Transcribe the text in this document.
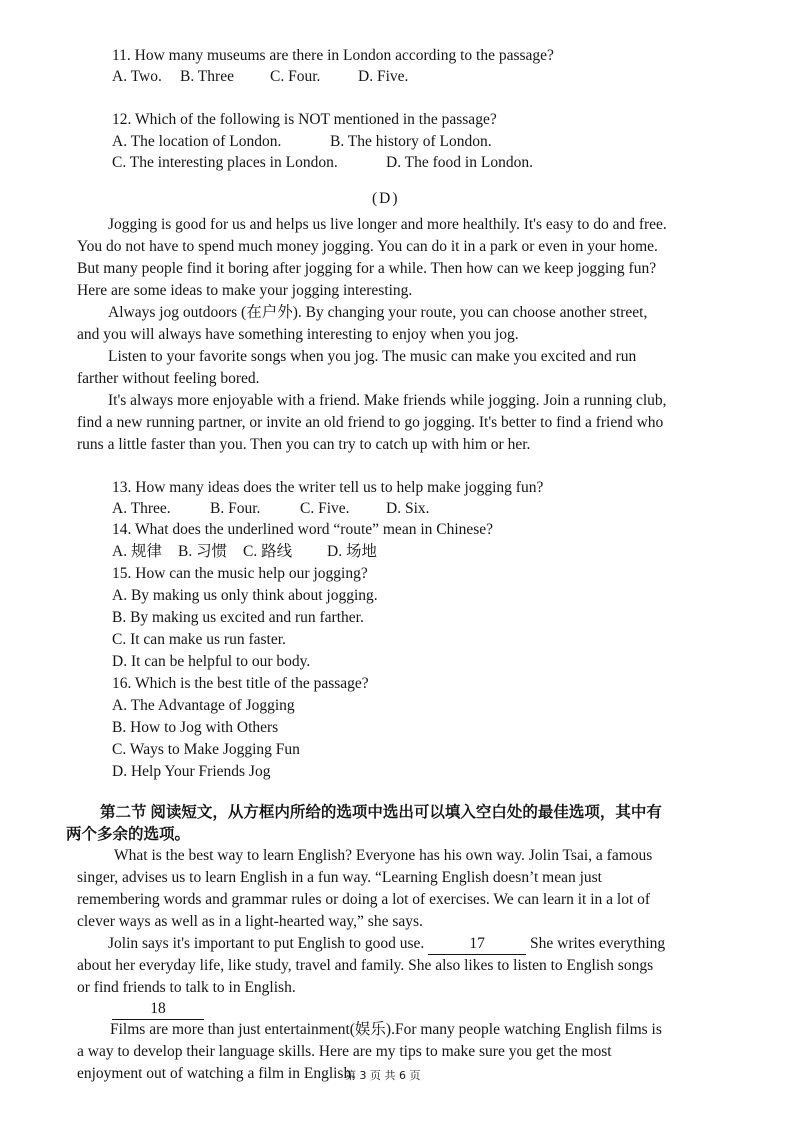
11. How many museums are there in London according to the passage?
A. Two. B. Three C. Four. D. Five.
12. Which of the following is NOT mentioned in the passage?
A. The location of London.	B. The history of London.
C. The interesting places in London.	D. The food in London.
(D)
Jogging is good for us and helps us live longer and more healthily. It's easy to do and free.
You do not have to spend much money jogging. You can do it in a park or even in your home.
But many people find it boring after jogging for a while. Then how can we keep jogging fun?
Here are some ideas to make your jogging interesting.
Always jog outdoors (在户外). By changing your route, you can choose another street,
and you will always have something interesting to enjoy when you jog.
Listen to your favorite songs when you jog. The music can make you excited and run
farther without feeling bored.
It's always more enjoyable with a friend. Make friends while jogging. Join a running club,
find a new running partner, or invite an old friend to go jogging. It's better to find a friend who
runs a little faster than you. Then you can try to catch up with him or her.
13. How many ideas does the writer tell us to help make jogging fun?
A. Three.	B. Four.	C. Five. D. Six.
14. What does the underlined word “route” mean in Chinese?
A. 规律 B. 习惯 C. 路线 D. 场地
15. How can the music help our jogging?
A. By making us only think about jogging.
B. By making us excited and run farther.
C. It can make us run faster.
D. It can be helpful to our body.
16. Which is the best title of the passage?
A. The Advantage of Jogging
B. How to Jog with Others
C. Ways to Make Jogging Fun
D. Help Your Friends Jog
第二节 阅读短文，从方框内所给的选项中选出可以填入空白处的最佳选项，其中有
两个多余的选项。
What is the best way to learn English? Everyone has his own way. Jolin Tsai, a famous
singer, advises us to learn English in a fun way. “Learning English doesn’t mean just
remembering words and grammar rules or doing a lot of exercises. We can learn it in a lot of
clever ways as well as in a light-hearted way,” she says.
Jolin says it's important to put English to good use.	17	She writes everything
about her everyday life, like study, travel and family. She also likes to listen to English songs
or find friends to talk to in English.
18
Films are more than just entertainment(娱乐).For many people watching English films is
a way to develop their language skills. Here are my tips to make sure you get the most
enjoyment out of watching a film in English.
第 3 页 共 6 页
